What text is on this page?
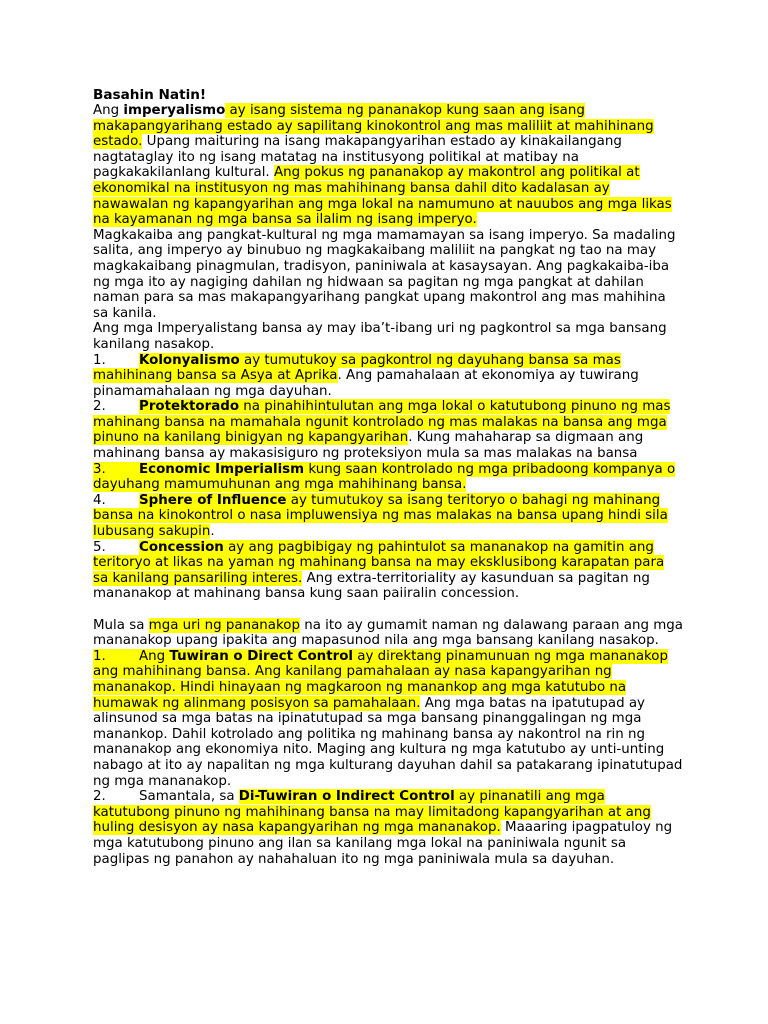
Basahin Natin!

Ang imperyalismo ay isang sistema ng pananakop kung saan ang isang makapangyarihang estado ay sapilitang kinokontrol ang mas maliliit at mahihinang estado. Upang maituring na isang makapangyarihan estado ay kinakailangang nagtataglay ito ng isang matatag na institusyong politikal at matibay na pagkakakilanlang kultural. Ang pokus ng pananakop ay makontrol ang politikal at ekonomikal na institusyon ng mas mahihinang bansa dahil dito kadalasan ay nawawalan ng kapangyarihan ang mga lokal na namumuno at nauubos ang mga likas na kayamanan ng mga bansa sa ilalim ng isang imperyo.

Magkakaiba ang pangkat-kultural ng mga mamamayan sa isang imperyo. Sa madaling salita, ang imperyo ay binubuo ng magkakaibang maliliit na pangkat ng tao na may magkakaibang pinagmulan, tradisyon, paniniwala at kasaysayan. Ang pagkakaiba-iba ng mga ito ay nagiging dahilan ng hidwaan sa pagitan ng mga pangkat at dahilan naman para sa mas makapangyarihang pangkat upang makontrol ang mas mahihina sa kanila.

Ang mga Imperyalistang bansa ay may iba’t-ibang uri ng pagkontrol sa mga bansang kanilang nasakop.

1. Kolonyalismo ay tumutukoy sa pagkontrol ng dayuhang bansa sa mas mahihinang bansa sa Asya at Aprika. Ang pamahalaan at ekonomiya ay tuwirang pinamamahalaan ng mga dayuhan.

2. Protektorado na pinahihintulutan ang mga lokal o katutubong pinuno ng mas mahinang bansa na mamahala ngunit kontrolado ng mas malakas na bansa ang mga pinuno na kanilang binigyan ng kapangyarihan. Kung mahaharap sa digmaan ang mahinang bansa ay makasisiguro ng proteksiyon mula sa mas malakas na bansa

3. Economic Imperialism kung saan kontrolado ng mga pribadoong kompanya o dayuhang mamumuhunan ang mga mahihinang bansa.

4. Sphere of Influence ay tumutukoy sa isang teritoryo o bahagi ng mahinang bansa na kinokontrol o nasa impluwensiya ng mas malakas na bansa upang hindi sila lubusang sakupin.

5. Concession ay ang pagbibigay ng pahintulot sa mananakop na gamitin ang teritoryo at likas na yaman ng mahinang bansa na may eksklusibong karapatan para sa kanilang pansariling interes. Ang extra-territoriality ay kasunduan sa pagitan ng mananakop at mahinang bansa kung saan paiiralin concession.

Mula sa mga uri ng pananakop na ito ay gumamit naman ng dalawang paraan ang mga mananakop upang ipakita ang mapasunod nila ang mga bansang kanilang nasakop.

1. Ang Tuwiran o Direct Control ay direktang pinamunuan ng mga mananakop ang mahihinang bansa. Ang kanilang pamahalaan ay nasa kapangyarihan ng mananakop. Hindi hinayaan ng magkaroon ng manankop ang mga katutubo na humawak ng alinmang posisyon sa pamahalaan. Ang mga batas na ipatutupad ay alinsunod sa mga batas na ipinatutupad sa mga bansang pinanggalingan ng mga manankop. Dahil kotrolado ang politika ng mahinang bansa ay nakontrol na rin ng mananakop ang ekonomiya nito. Maging ang kultura ng mga katutubo ay unti-unting nabago at ito ay napalitan ng mga kulturang dayuhan dahil sa patakarang ipinatutupad ng mga mananakop.

2. Samantala, sa Di-Tuwiran o Indirect Control ay pinanatili ang mga katutubong pinuno ng mahihinang bansa na may limitadong kapangyarihan at ang huling desisyon ay nasa kapangyarihan ng mga mananakop. Maaaring ipagpatuloy ng mga katutubong pinuno ang ilan sa kanilang mga lokal na paniniwala ngunit sa paglipas ng panahon ay nahahaluan ito ng mga paniniwala mula sa dayuhan.
